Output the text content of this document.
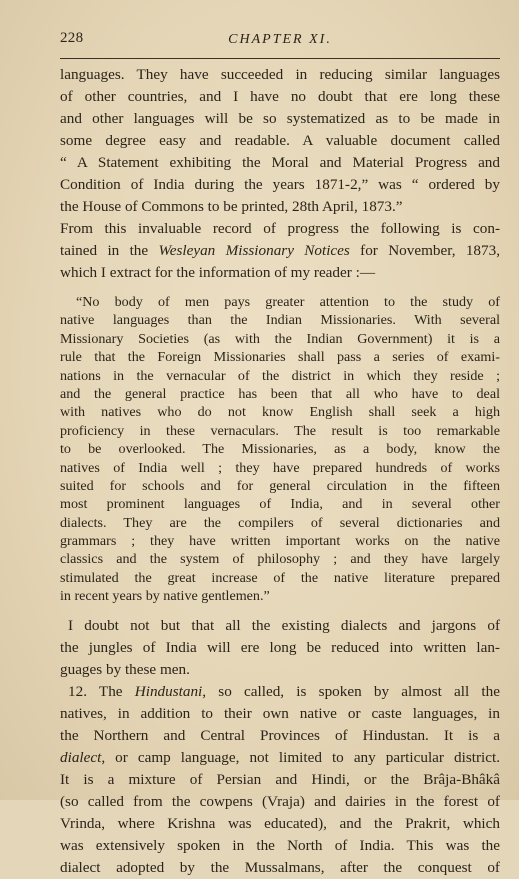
228	CHAPTER XI.
languages. They have succeeded in reducing similar languages
of other countries, and I have no doubt that ere long these
and other languages will be so systematized as to be made in
some degree easy and readable. A valuable document called
“ A Statement exhibiting the Moral and Material Progress and
Condition of India during the years 1871-2,” was “ ordered by
the House of Commons to be printed, 28th April, 1873.”
From this invaluable record of progress the following is con-
tained in the Wesleyan Missionary Notices for November, 1873,
which I extract for the information of my reader :—
“No body of men pays greater attention to the study of
native languages than the Indian Missionaries. With several
Missionary Societies (as with the Indian Government) it is a
rule that the Foreign Missionaries shall pass a series of exami-
nations in the vernacular of the district in which they reside ;
and the general practice has been that all who have to deal
with natives who do not know English shall seek a high
proficiency in these vernaculars. The result is too remarkable
to be overlooked. The Missionaries, as a body, know the
natives of India well ; they have prepared hundreds of works
suited for schools and for general circulation in the fifteen
most prominent languages of India, and in several other
dialects. They are the compilers of several dictionaries and
grammars ; they have written important works on the native
classics and the system of philosophy ; and they have largely
stimulated the great increase of the native literature prepared
in recent years by native gentlemen.”
I doubt not but that all the existing dialects and jargons of
the jungles of India will ere long be reduced into written lan-
guages by these men.
12. The Hindustani, so called, is spoken by almost all the
natives, in addition to their own native or caste languages, in
the Northern and Central Provinces of Hindustan. It is a
dialect, or camp language, not limited to any particular district.
It is a mixture of Persian and Hindi, or the Brâja-Bhâkâ
(so called from the cowpens (Vraja) and dairies in the forest of
Vrinda, where Krishna was educated), and the Prakrit, which
was extensively spoken in the North of India. This was the
dialect adopted by the Mussalmans, after the conquest of
